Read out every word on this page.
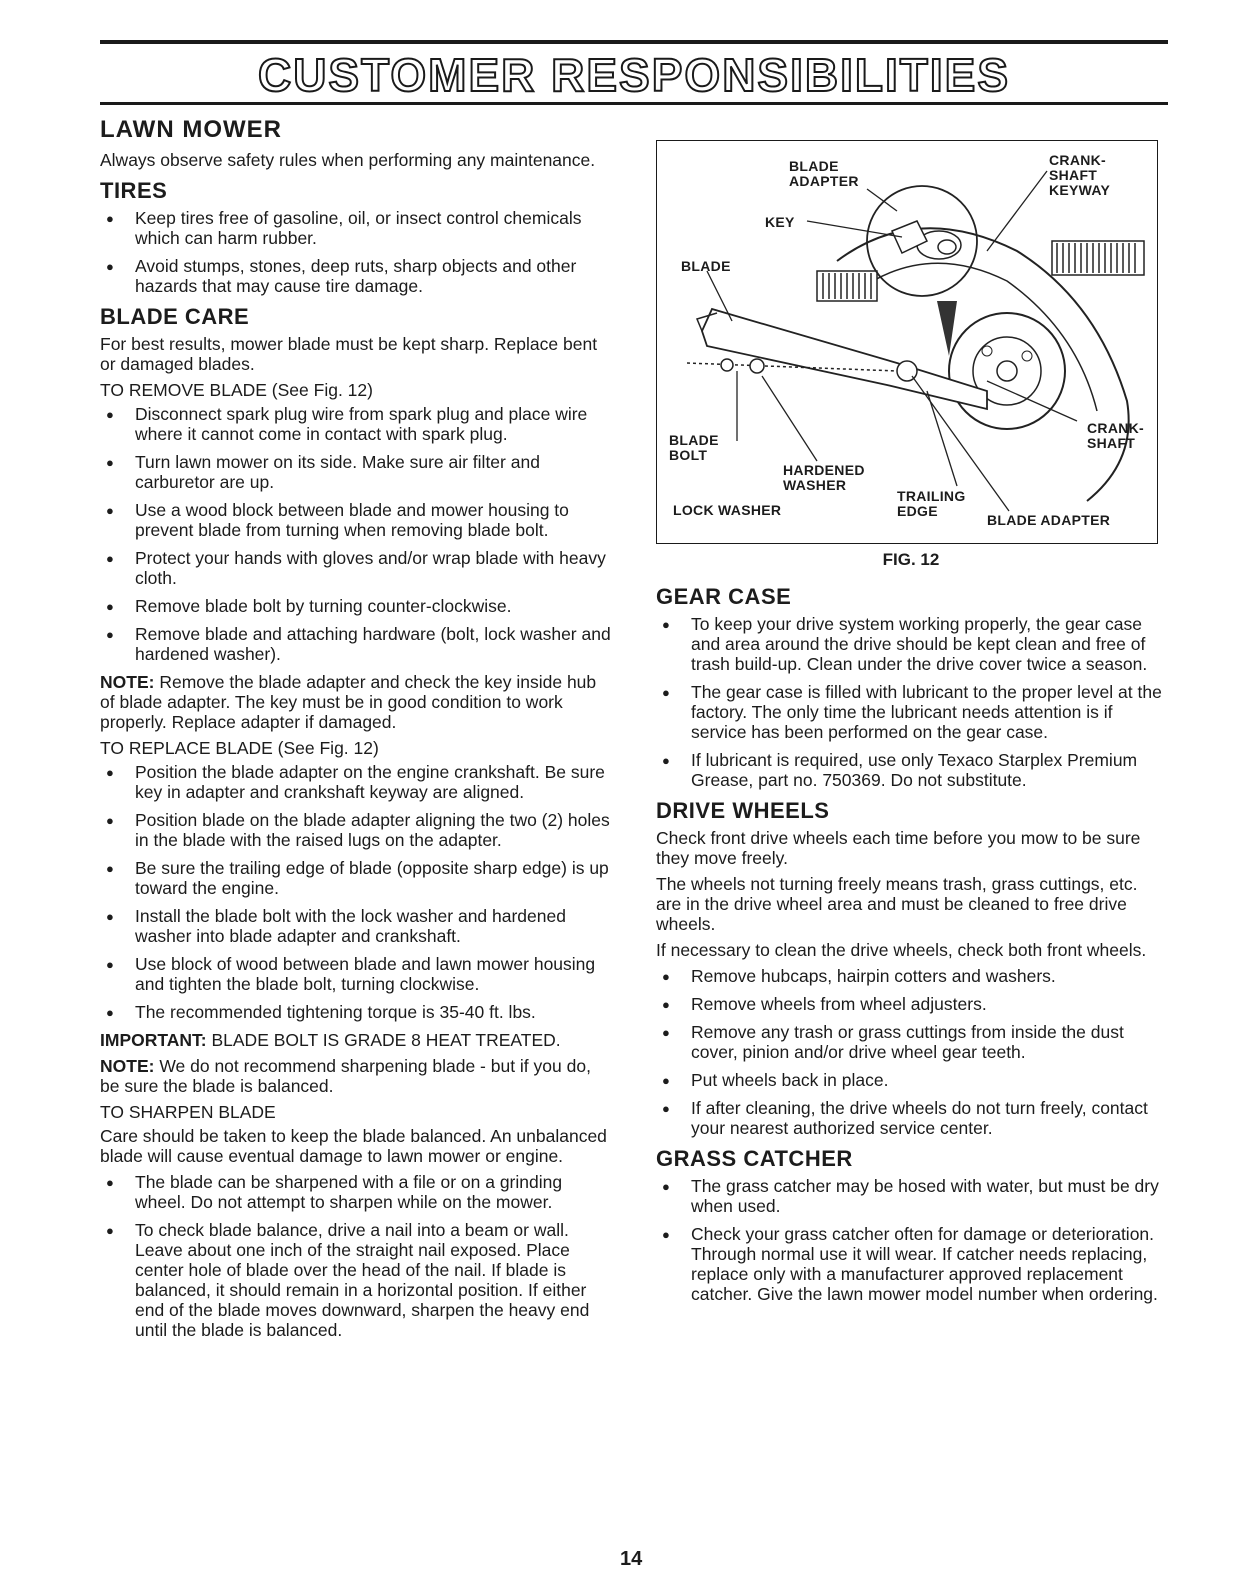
CUSTOMER RESPONSIBILITIES
LAWN MOWER
Always observe safety rules when performing any maintenance.
TIRES
● Keep tires free of gasoline, oil, or insect control chemicals which can harm rubber.
● Avoid stumps, stones, deep ruts, sharp objects and other hazards that may cause tire damage.
BLADE CARE
For best results, mower blade must be kept sharp. Replace bent or damaged blades.
TO REMOVE BLADE (See Fig. 12)
● Disconnect spark plug wire from spark plug and place wire where it cannot come in contact with spark plug.
● Turn lawn mower on its side. Make sure air filter and carburetor are up.
● Use a wood block between blade and mower housing to prevent blade from turning when removing blade bolt.
● Protect your hands with gloves and/or wrap blade with heavy cloth.
● Remove blade bolt by turning counter-clockwise.
● Remove blade and attaching hardware (bolt, lock washer and hardened washer).
NOTE: Remove the blade adapter and check the key inside hub of blade adapter. The key must be in good condition to work properly. Replace adapter if damaged.
TO REPLACE BLADE (See Fig. 12)
● Position the blade adapter on the engine crankshaft. Be sure key in adapter and crankshaft keyway are aligned.
● Position blade on the blade adapter aligning the two (2) holes in the blade with the raised lugs on the adapter.
● Be sure the trailing edge of blade (opposite sharp edge) is up toward the engine.
● Install the blade bolt with the lock washer and hardened washer into blade adapter and crankshaft.
● Use block of wood between blade and lawn mower housing and tighten the blade bolt, turning clockwise.
● The recommended tightening torque is 35-40 ft. lbs.
IMPORTANT: BLADE BOLT IS GRADE 8 HEAT TREATED.
NOTE: We do not recommend sharpening blade - but if you do, be sure the blade is balanced.
TO SHARPEN BLADE
Care should be taken to keep the blade balanced. An unbalanced blade will cause eventual damage to lawn mower or engine.
● The blade can be sharpened with a file or on a grinding wheel. Do not attempt to sharpen while on the mower.
● To check blade balance, drive a nail into a beam or wall. Leave about one inch of the straight nail exposed. Place center hole of blade over the head of the nail. If blade is balanced, it should remain in a horizontal position. If either end of the blade moves downward, sharpen the heavy end until the blade is balanced.
BLADE
ADAPTER
CRANK-
SHAFT
KEYWAY
KEY
BLADE
BLADE
BOLT
CRANK-
SHAFT
HARDENED
WASHER
LOCK WASHER
TRAILING
EDGE
BLADE ADAPTER
FIG. 12
GEAR CASE
● To keep your drive system working properly, the gear case and area around the drive should be kept clean and free of trash build-up. Clean under the drive cover twice a season.
● The gear case is filled with lubricant to the proper level at the factory. The only time the lubricant needs attention is if service has been performed on the gear case.
● If lubricant is required, use only Texaco Starplex Premium Grease, part no. 750369. Do not substitute.
DRIVE WHEELS
Check front drive wheels each time before you mow to be sure they move freely.
The wheels not turning freely means trash, grass cuttings, etc. are in the drive wheel area and must be cleaned to free drive wheels.
If necessary to clean the drive wheels, check both front wheels.
● Remove hubcaps, hairpin cotters and washers.
● Remove wheels from wheel adjusters.
● Remove any trash or grass cuttings from inside the dust cover, pinion and/or drive wheel gear teeth.
● Put wheels back in place.
● If after cleaning, the drive wheels do not turn freely, contact your nearest authorized service center.
GRASS CATCHER
● The grass catcher may be hosed with water, but must be dry when used.
● Check your grass catcher often for damage or deterioration. Through normal use it will wear. If catcher needs replacing, replace only with a manufacturer approved replacement catcher. Give the lawn mower model number when ordering.
14
